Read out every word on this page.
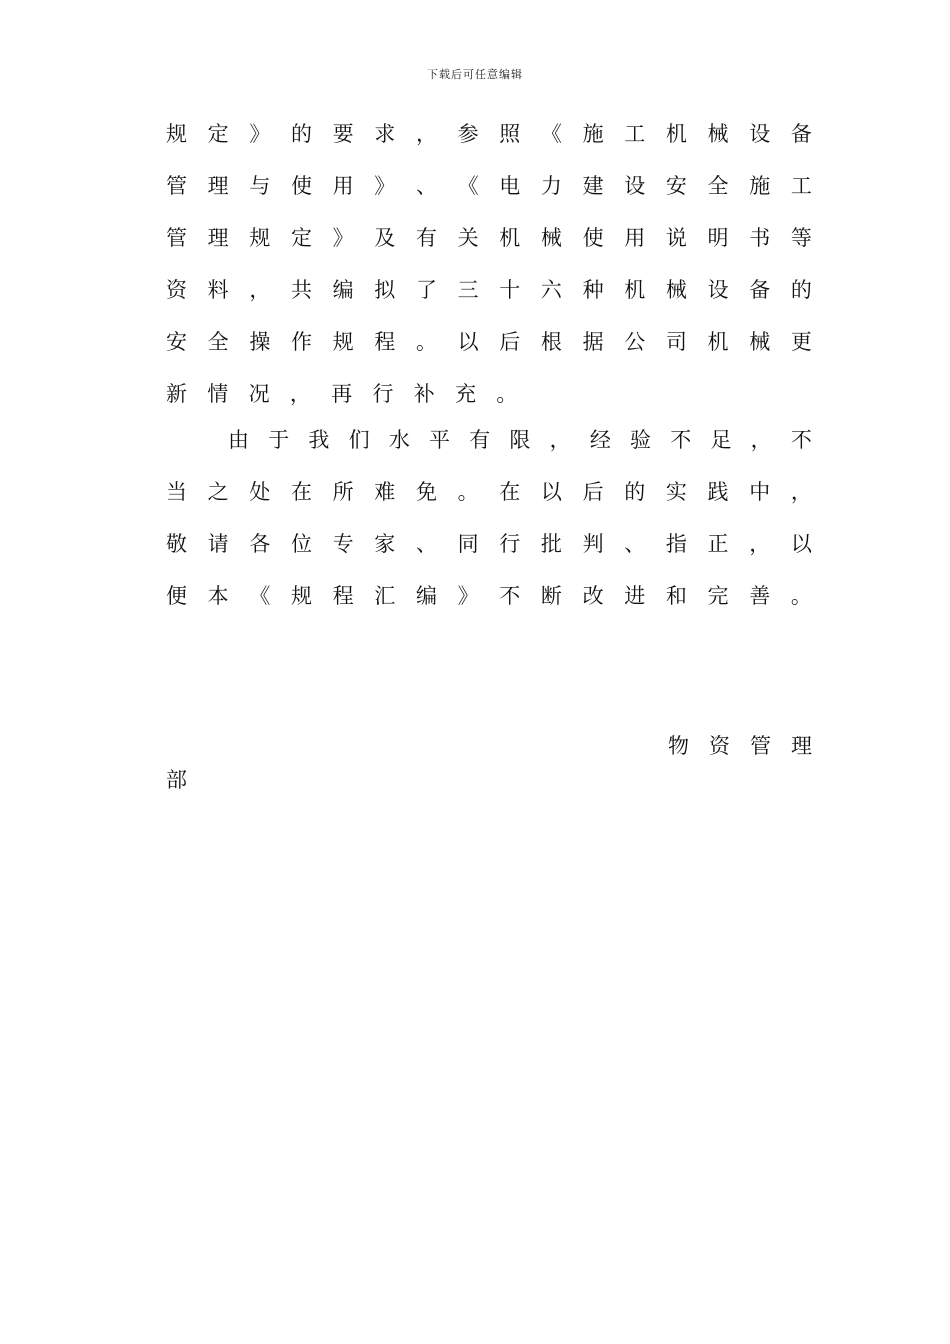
下载后可任意编辑
规 定 》 的 要 求 ， 参 照 《 施 工 机 械 设 备
管 理 与 使 用 》 、 《 电 力 建 设 安 全 施 工
管 理 规 定 》 及 有 关 机 械 使 用 说 明 书 等
资 料 ， 共 编 拟 了 三 十 六 种 机 械 设 备 的
安 全 操 作 规 程 。 以 后 根 据 公 司 机 械 更
新 情 况 ， 再 行 补 充 。
由 于 我 们 水 平 有 限 ， 经 验 不 足 ， 不
当 之 处 在 所 难 免 。 在 以 后 的 实 践 中 ，
敬 请 各 位 专 家 、 同 行 批 判 、 指 正 ， 以
便 本 《 规 程 汇 编 》 不 断 改 进 和 完 善 。
物 资 管 理
部
